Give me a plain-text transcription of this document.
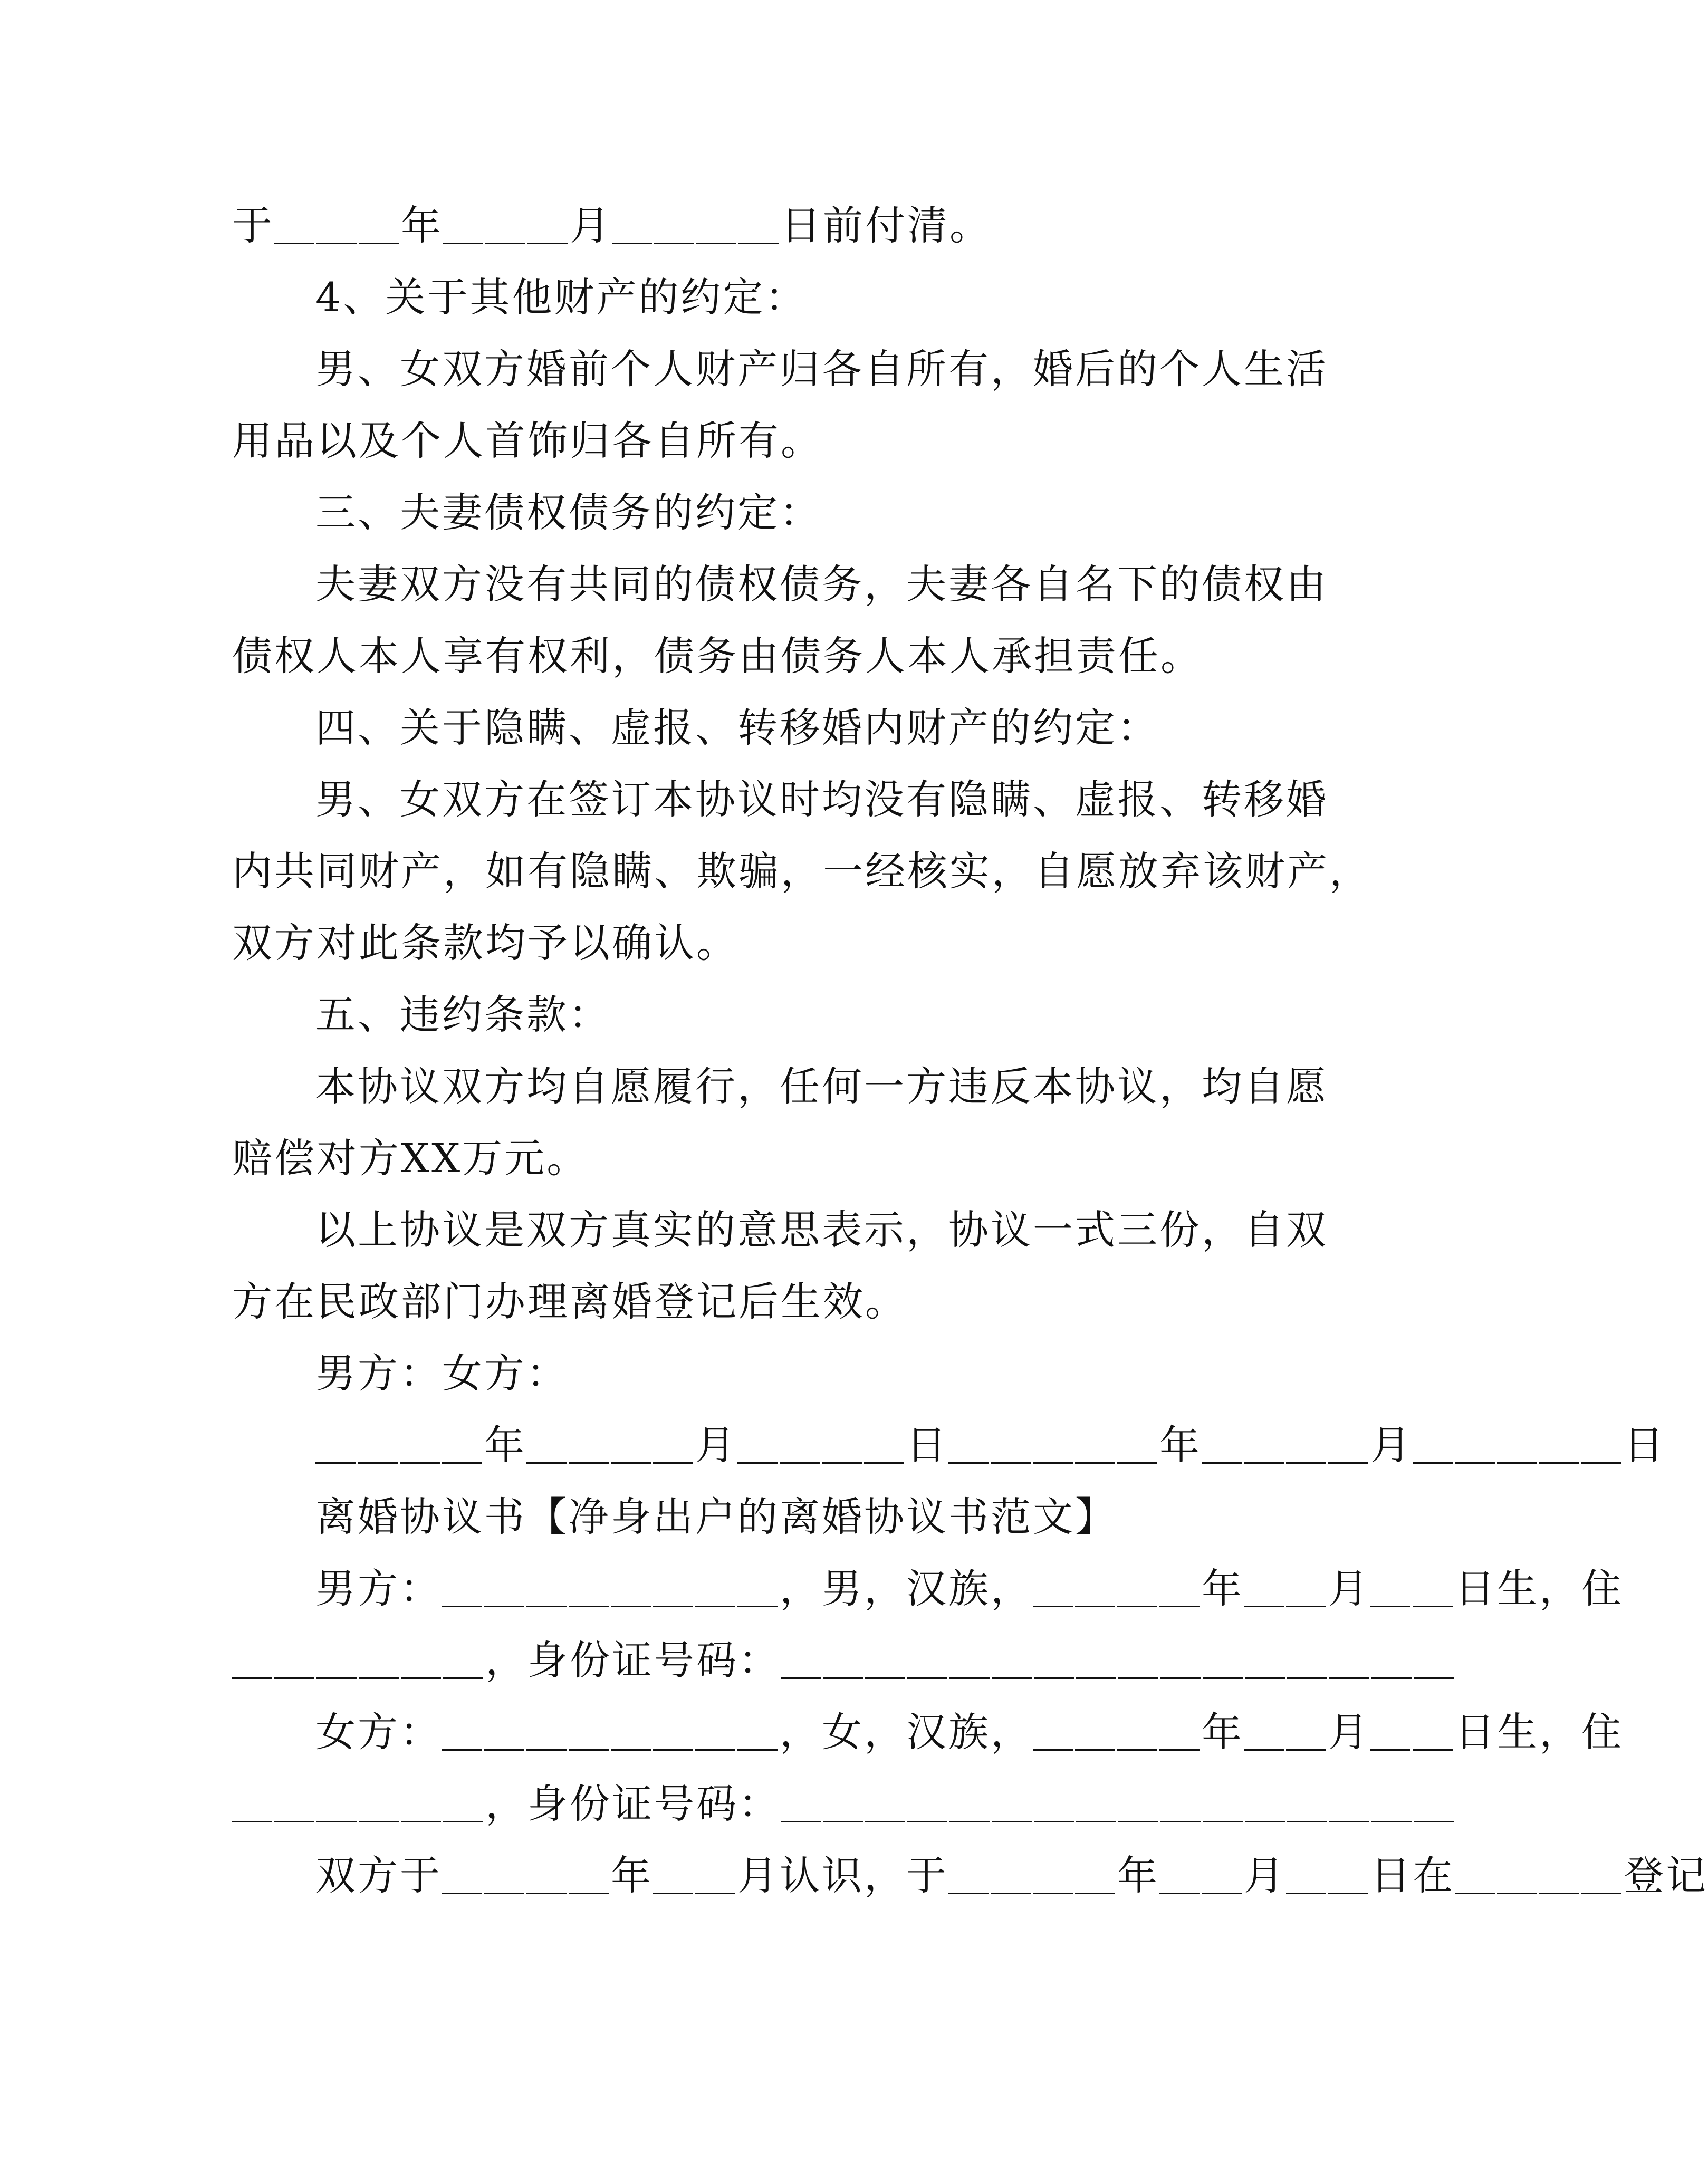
于＿＿＿年＿＿＿月＿＿＿＿日前付清。
4、关于其他财产的约定：
男、女双方婚前个人财产归各自所有，婚后的个人生活
用品以及个人首饰归各自所有。
三、夫妻债权债务的约定：
夫妻双方没有共同的债权债务，夫妻各自名下的债权由
债权人本人享有权利，债务由债务人本人承担责任。
四、关于隐瞒、虚报、转移婚内财产的约定：
男、女双方在签订本协议时均没有隐瞒、虚报、转移婚
内共同财产，如有隐瞒、欺骗，一经核实，自愿放弃该财产，
双方对此条款均予以确认。
五、违约条款：
本协议双方均自愿履行，任何一方违反本协议，均自愿
赔偿对方XX万元。
以上协议是双方真实的意思表示，协议一式三份，自双
方在民政部门办理离婚登记后生效。
男方：女方：
＿＿＿＿年＿＿＿＿月＿＿＿＿日＿＿＿＿＿年＿＿＿＿月＿＿＿＿＿日
离婚协议书【净身出户的离婚协议书范文】
男方：＿＿＿＿＿＿＿＿，男，汉族，＿＿＿＿年＿＿月＿＿日生，住
＿＿＿＿＿＿，身份证号码：＿＿＿＿＿＿＿＿＿＿＿＿＿＿＿＿
女方：＿＿＿＿＿＿＿＿，女，汉族，＿＿＿＿年＿＿月＿＿日生，住
＿＿＿＿＿＿，身份证号码：＿＿＿＿＿＿＿＿＿＿＿＿＿＿＿＿
双方于＿＿＿＿年＿＿月认识，于＿＿＿＿年＿＿月＿＿日在＿＿＿＿登记
